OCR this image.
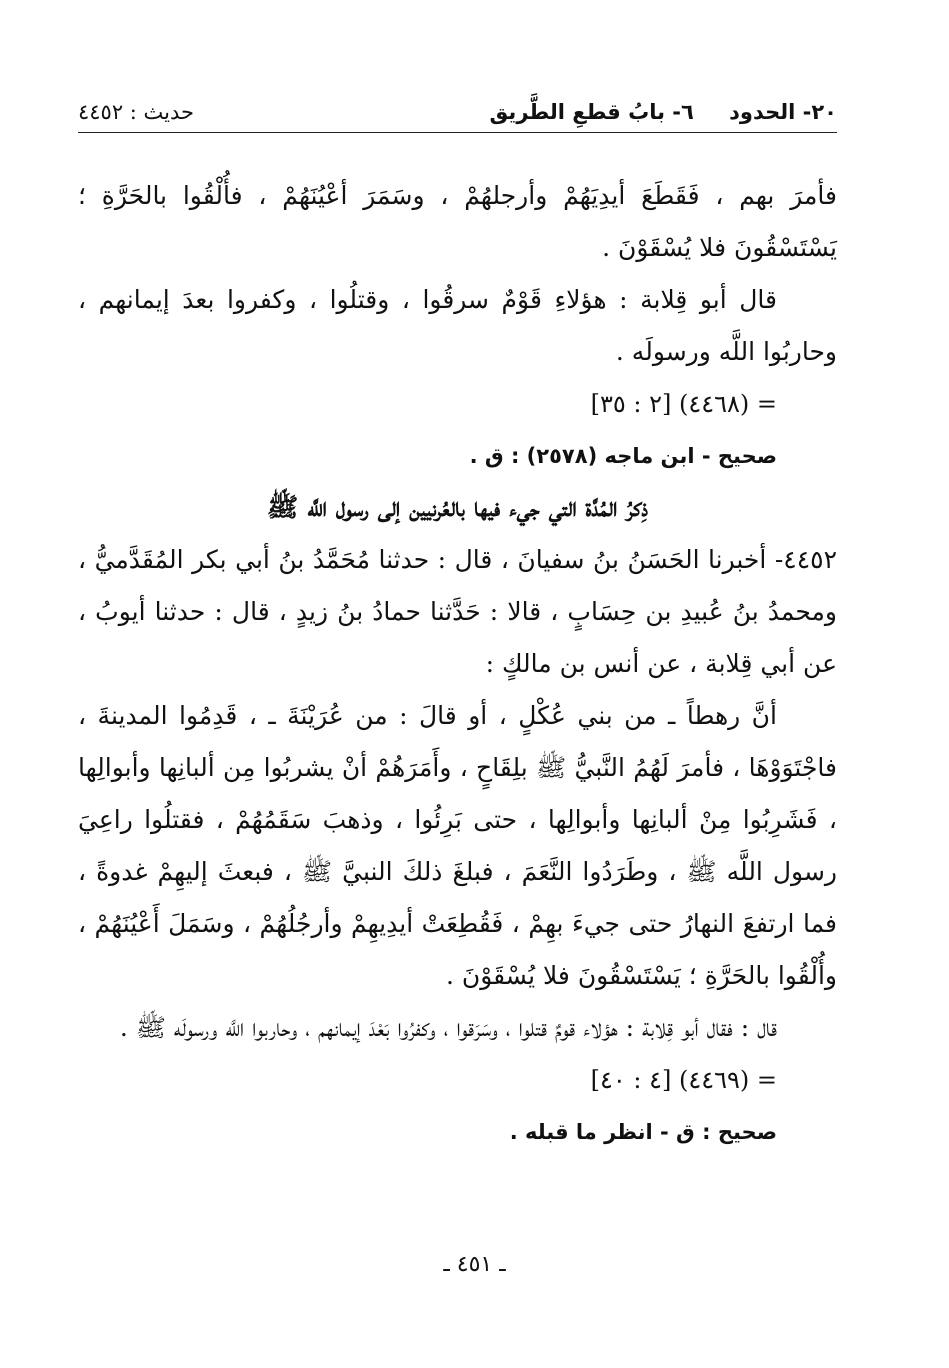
٢٠- الحدود ٦- بابُ قطعِ الطَّريق
حديث : ٤٤٥٢

فأمرَ بهم ، فَقَطَعَ أيدِيَهُمْ وأرجلهُمْ ، وسَمَرَ أعْيُنَهُمْ ، فأُلْقُوا بالحَرَّةِ ؛ يَسْتَسْقُونَ فلا يُسْقَوْنَ .

قال أبو قِلابة : هؤلاءِ قَوْمٌ سرقُوا ، وقتلُوا ، وكفروا بعدَ إيمانهم ، وحاربُوا اللَّه ورسولَه .

= (٤٤٦٨) [٢ : ٣٥]

صحيح - ابن ماجه (٢٥٧٨) : ق .

ذِكرُ المُدَّة التي جيء فيها بالعُرنيين إلى رسول اللَّه ﷺ

٤٤٥٢- أخبرنا الحَسَنُ بنُ سفيانَ ، قال : حدثنا مُحَمَّدُ بنُ أبي بكر المُقَدَّميُّ ، ومحمدُ بنُ عُبيدِ بن حِسَابٍ ، قالا : حَدَّثنا حمادُ بنُ زيدٍ ، قال : حدثنا أيوبُ ، عن أبي قِلابة ، عن أنس بن مالكٍ :

أنَّ رهطاً ـ من بني عُكْلٍ ، أو قالَ : من عُرَيْنَةَ ـ ، قَدِمُوا المدينةَ ، فاجْتَوَوْهَا ، فأمرَ لَهُمُ النَّبيُّ ﷺ بلِقَاحٍ ، وأَمَرَهُمْ أنْ يشربُوا مِن ألبانِها وأبوالِها ، فَشَرِبُوا مِنْ ألبانِها وأبوالِها ، حتى بَرِئُوا ، وذهبَ سَقَمُهُمْ ، فقتلُوا راعِيَ رسول اللَّه ﷺ ، وطَرَدُوا النَّعَمَ ، فبلغَ ذلكَ النبيَّ ﷺ ، فبعثَ إليهِمْ غدوةً ، فما ارتفعَ النهارُ حتى جيءَ بهِمْ ، فَقُطِعَتْ أيدِيهِمْ وأرجُلُهُمْ ، وسَمَلَ أَعْيُنَهُمْ ، وأُلْقُوا بالحَرَّةِ ؛ يَسْتَسْقُونَ فلا يُسْقَوْنَ .

قال : فقال أبو قِلابة : هؤلاء قومٌ قتلوا ، وسَرَقوا ، وكفرُوا بَعْدَ إيمانهم ، وحاربوا اللَّه ورسولَه ﷺ .

= (٤٤٦٩) [٤ : ٤٠]

صحيح : ق - انظر ما قبله .

ـ ٤٥١ ـ
